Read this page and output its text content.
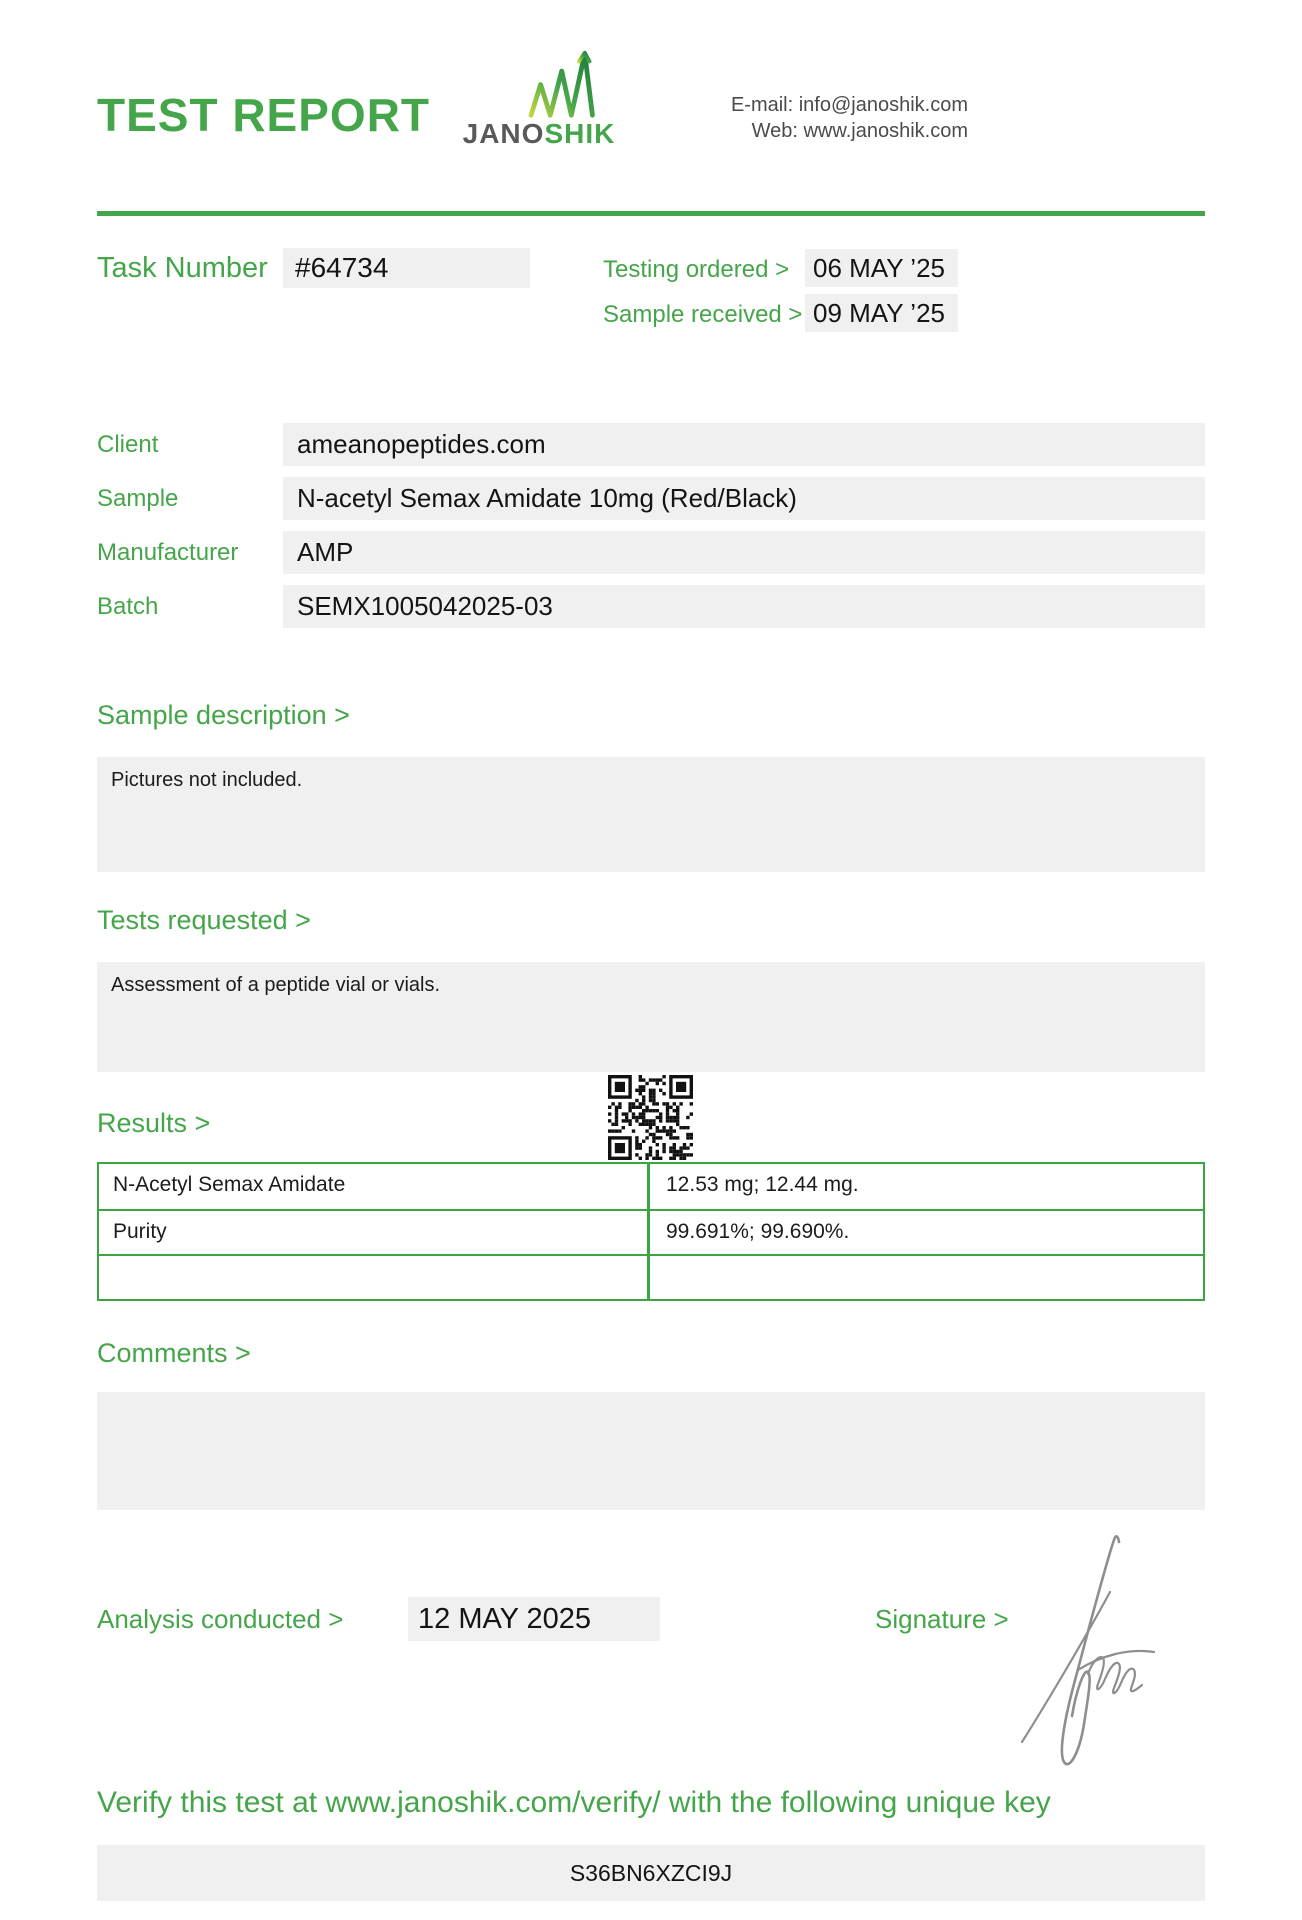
TEST REPORT JANOSHIK
E-mail: info@janoshik.com
Web: www.janoshik.com
Task Number #64734	Testing ordered > 06 MAY ’25
Sample received > 09 MAY ’25
Client	ameanopeptides.com
Sample	N-acetyl Semax Amidate 10mg (Red/Black)
Manufacturer	AMP
Batch	SEMX1005042025-03
Sample description >
Pictures not included.
Tests requested >
Assessment of a peptide vial or vials.
Results >
N-Acetyl Semax Amidate	12.53 mg; 12.44 mg.
Purity	99.691%; 99.690%.
Comments >
Analysis conducted >	12 MAY 2025	Signature >
Verify this test at www.janoshik.com/verify/ with the following unique key
S36BN6XZCI9J
